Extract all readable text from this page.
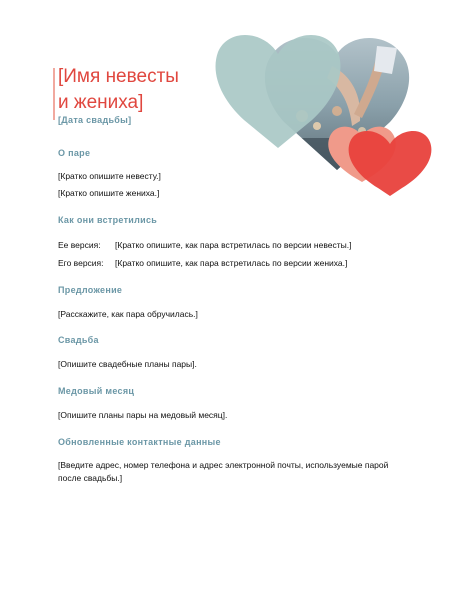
[Имя невесты
и жениха]
[Дата свадьбы]
О паре
[Кратко опишите невесту.]
[Кратко опишите жениха.]
Как они встретились
Ее версия: [Кратко опишите, как пара встретилась по версии невесты.]
Его версия: [Кратко опишите, как пара встретилась по версии жениха.]
Предложение
[Расскажите, как пара обручилась.]
Свадьба
[Опишите свадебные планы пары].
Медовый месяц
[Опишите планы пары на медовый месяц].
Обновленные контактные данные
[Введите адрес, номер телефона и адрес электронной почты, используемые парой после свадьбы.]
